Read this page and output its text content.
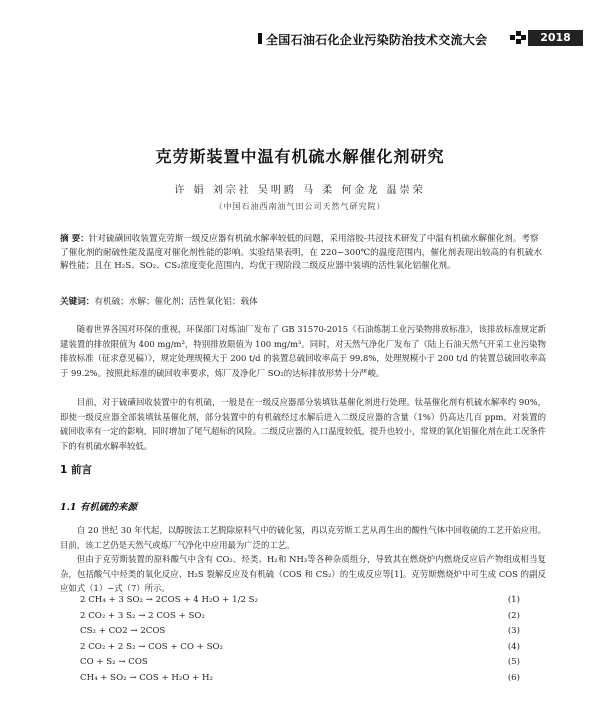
全国石油石化企业污染防治技术交流大会	2018
克劳斯装置中温有机硫水解催化剂研究
许 娟 刘宗社 吴明鸥 马 柔 何金龙 温崇荣
（中国石油西南油气田公司天然气研究院）
摘 要：针对硫磺回收装置克劳斯一级反应器有机硫水解率较低的问题，采用溶胶-共浸技术研发了中温有机硫水解催化剂。考察了催化剂的耐硫性能及温度对催化剂性能的影响。实验结果表明，在 220~300℃的温度范围内，催化剂表现出较高的有机硫水解性能；且在 H₂S、SO₂、CS₂浓度变化范围内，均优于现阶段二级反应器中装填的活性氧化铝催化剂。
关键词：有机硫；水解；催化剂；活性氧化铝；载体
随着世界各国对环保的重视，环保部门对炼油厂发布了 GB 31570-2015《石油炼制工业污染物排放标准》，该排放标准规定新建装置的排放限值为 400 mg/m³，特别排放限值为 100 mg/m³。同时，对天然气净化厂发布了《陆上石油天然气开采工业污染物排放标准（征求意见稿）》，规定处理规模大于 200 t/d 的装置总硫回收率高于 99.8%，处理规模小于 200 t/d 的装置总硫回收率高于 99.2%。按照此标准的硫回收率要求，炼厂及净化厂 SO₂的达标排放形势十分严峻。
目前，对于硫磺回收装置中的有机硫，一般是在一级反应器部分装填钛基催化剂进行处理。钛基催化剂有机硫水解率约 90%，即使一级反应器全部装填钛基催化剂，部分装置中的有机硫经过水解后进入二级反应器的含量（1%）仍高达几百 ppm，对装置的硫回收率有一定的影响，同时增加了尾气超标的风险。二级反应器的入口温度较低，提升也较小，常规的氧化铝催化剂在此工况条件下的有机硫水解率较低。
1 前言
1.1 有机硫的来源
自 20 世纪 30 年代起，以醇胺法工艺脱除原料气中的硫化氢，再以克劳斯工艺从再生出的酸性气体中回收硫的工艺开始应用。目前，该工艺仍是天然气或炼厂气净化中应用最为广泛的工艺。
但由于克劳斯装置的原料酸气中含有 CO₂、烃类、H₂和 NH₃等各种杂质组分，导致其在燃烧炉内燃烧反应后产物组成相当复杂，包括酸气中烃类的氧化反应、H₂S 裂解反应及有机硫（COS 和 CS₂）的生成反应等[1]。克劳斯燃烧炉中可生成 COS 的副反应如式（1）~式（7）所示。
2 CH₄ + 3 SO₂ → 2COS + 4 H₂O + 1/2 S₂	(1)
2 CO₂ + 3 S₂ → 2 COS + SO₂	(2)
CS₂ + CO2 → 2COS	(3)
2 CO₂ + 2 S₂ → COS + CO + SO₂	(4)
CO + S₂ → COS	(5)
CH₄ + SO₂ → COS + H₂O + H₂	(6)
